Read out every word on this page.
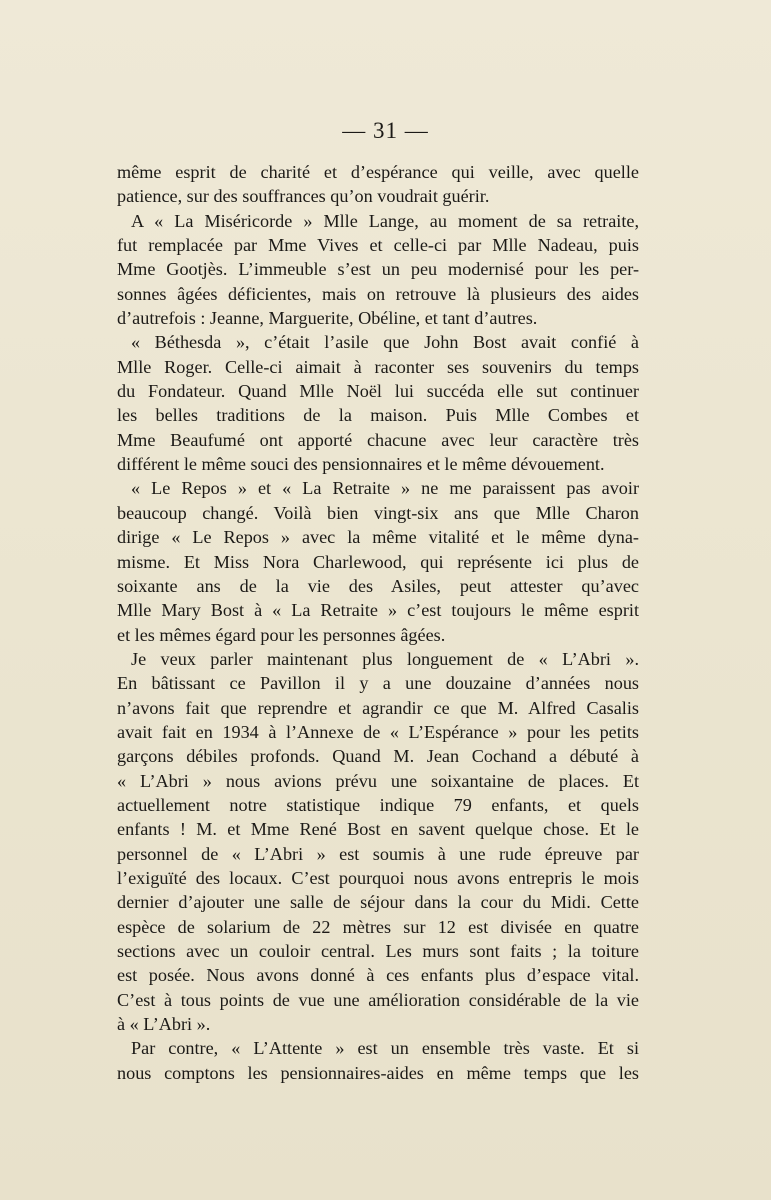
— 31 —
même esprit de charité et d’espérance qui veille, avec quelle
patience, sur des souffrances qu’on voudrait guérir.
A « La Miséricorde » Mlle Lange, au moment de sa retraite,
fut remplacée par Mme Vives et celle-ci par Mlle Nadeau, puis
Mme Gootjès. L’immeuble s’est un peu modernisé pour les per-
sonnes âgées déficientes, mais on retrouve là plusieurs des aides
d’autrefois : Jeanne, Marguerite, Obéline, et tant d’autres.
« Béthesda », c’était l’asile que John Bost avait confié à
Mlle Roger. Celle-ci aimait à raconter ses souvenirs du temps
du Fondateur. Quand Mlle Noël lui succéda elle sut continuer
les belles traditions de la maison. Puis Mlle Combes et
Mme Beaufumé ont apporté chacune avec leur caractère très
différent le même souci des pensionnaires et le même dévouement.
« Le Repos » et « La Retraite » ne me paraissent pas avoir
beaucoup changé. Voilà bien vingt-six ans que Mlle Charon
dirige « Le Repos » avec la même vitalité et le même dyna-
misme. Et Miss Nora Charlewood, qui représente ici plus de
soixante ans de la vie des Asiles, peut attester qu’avec
Mlle Mary Bost à « La Retraite » c’est toujours le même esprit
et les mêmes égard pour les personnes âgées.
Je veux parler maintenant plus longuement de « L’Abri ».
En bâtissant ce Pavillon il y a une douzaine d’années nous
n’avons fait que reprendre et agrandir ce que M. Alfred Casalis
avait fait en 1934 à l’Annexe de « L’Espérance » pour les petits
garçons débiles profonds. Quand M. Jean Cochand a débuté à
« L’Abri » nous avions prévu une soixantaine de places. Et
actuellement notre statistique indique 79 enfants, et quels
enfants ! M. et Mme René Bost en savent quelque chose. Et le
personnel de « L’Abri » est soumis à une rude épreuve par
l’exiguïté des locaux. C’est pourquoi nous avons entrepris le mois
dernier d’ajouter une salle de séjour dans la cour du Midi. Cette
espèce de solarium de 22 mètres sur 12 est divisée en quatre
sections avec un couloir central. Les murs sont faits ; la toiture
est posée. Nous avons donné à ces enfants plus d’espace vital.
C’est à tous points de vue une amélioration considérable de la vie
à « L’Abri ».
Par contre, « L’Attente » est un ensemble très vaste. Et si
nous comptons les pensionnaires-aides en même temps que les
